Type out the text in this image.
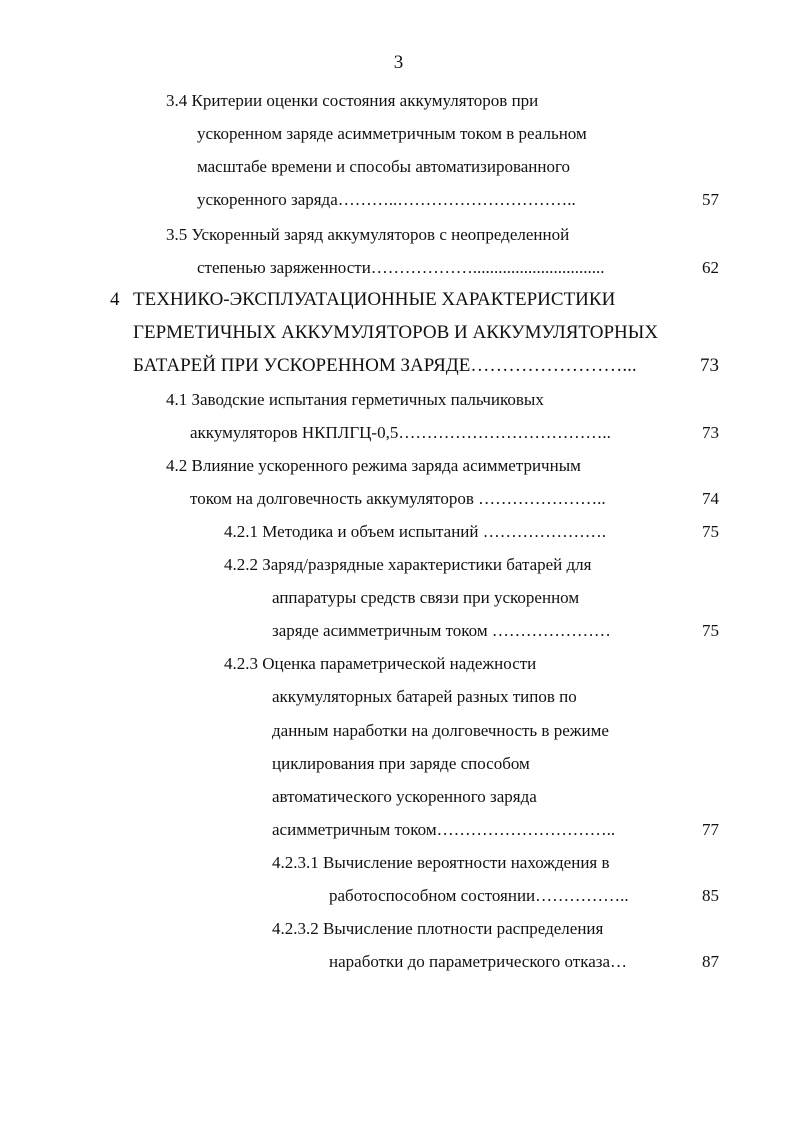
3
3.4 Критерии оценки состояния аккумуляторов при
ускоренном заряде асимметричным током в реальном
масштабе времени и способы автоматизированного
ускоренного заряда………..…………………………..	57
3.5 Ускоренный заряд аккумуляторов с неопределенной
степенью заряженности………………...............................	62
4 ТЕХНИКО-ЭКСПЛУАТАЦИОННЫЕ ХАРАКТЕРИСТИКИ
ГЕРМЕТИЧНЫХ АККУМУЛЯТОРОВ И АККУМУЛЯТОРНЫХ
БАТАРЕЙ ПРИ УСКОРЕННОМ ЗАРЯДЕ……………………...	73
4.1 Заводские испытания герметичных пальчиковых
аккумуляторов НКПЛГЦ-0,5………………………………..	73
4.2 Влияние ускоренного режима заряда асимметричным
током на долговечность аккумуляторов …………………..	74
4.2.1 Методика и объем испытаний ………………….	75
4.2.2 Заряд/разрядные характеристики батарей для
аппаратуры средств связи при ускоренном
заряде асимметричным током …………………	75
4.2.3 Оценка параметрической надежности
аккумуляторных батарей разных типов по
данным наработки на долговечность в режиме
циклирования при заряде способом
автоматического ускоренного заряда
асимметричным током…………………………..	77
4.2.3.1 Вычисление вероятности нахождения в
работоспособном состоянии……………..	85
4.2.3.2 Вычисление плотности распределения
наработки до параметрического отказа…	87
